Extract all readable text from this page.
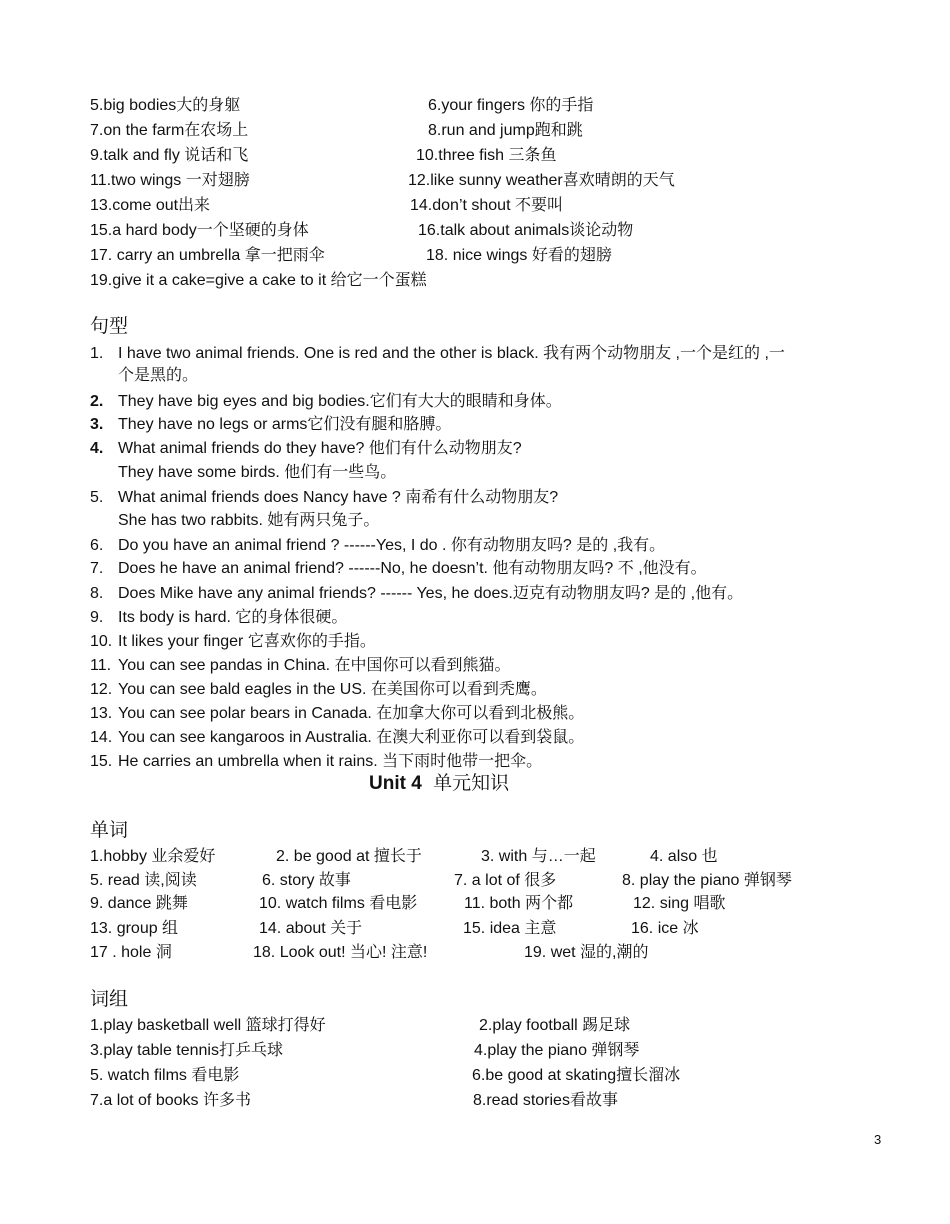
5.big bodies大的身躯	6.your fingers 你的手指
7.on the farm在农场上	8.run and jump跑和跳
9.talk and fly 说话和飞	10.three fish 三条鱼
11.two wings 一对翅膀	12.like sunny weather喜欢晴朗的天气
13.come out出来	14.don’t shout 不要叫
15.a hard body一个坚硬的身体	16.talk about animals谈论动物
17. carry an umbrella 拿一把雨伞	18. nice wings 好看的翅膀
19.give it a cake=give a cake to it 给它一个蛋糕
句型
1. I have two animal friends. One is red and the other is black. 我有两个动物朋友 ,一个是红的 ,一
个是黑的。
2. They have big eyes and big bodies.它们有大大的眼睛和身体。
3. They have no legs or arms它们没有腿和胳膊。
4. What animal friends do they have? 他们有什么动物朋友?
They have some birds. 他们有一些鸟。
5. What animal friends does Nancy have ? 南希有什么动物朋友?
She has two rabbits. 她有两只兔子。
6. Do you have an animal friend ? ------Yes, I do . 你有动物朋友吗? 是的 ,我有。
7. Does he have an animal friend? ------No, he doesn’t. 他有动物朋友吗? 不 ,他没有。
8. Does Mike have any animal friends? ------ Yes, he does.迈克有动物朋友吗? 是的 ,他有。
9. Its body is hard. 它的身体很硬。
10. It likes your finger 它喜欢你的手指。
11. You can see pandas in China. 在中国你可以看到熊猫。
12. You can see bald eagles in the US. 在美国你可以看到秃鹰。
13. You can see polar bears in Canada. 在加拿大你可以看到北极熊。
14. You can see kangaroos in Australia. 在澳大利亚你可以看到袋鼠。
15. He carries an umbrella when it rains. 当下雨时他带一把伞。
Unit 4 单元知识
单词
1.hobby 业余爱好	2. be good at 擅长于	3. with 与…一起	4. also 也
5. read 读,阅读	6. story 故事	7. a lot of 很多	8. play the piano 弹钢琴
9. dance 跳舞	10. watch films 看电影	11. both 两个都	12. sing 唱歌
13. group 组	14. about 关于	15. idea 主意	16. ice 冰
17 . hole 洞	18. Look out! 当心! 注意!	19. wet 湿的,潮的
词组
1.play basketball well 篮球打得好	2.play football 踢足球
3.play table tennis打乒乓球	4.play the piano 弹钢琴
5. watch films 看电影	6.be good at skating擅长溜冰
7.a lot of books 许多书	8.read stories看故事
3
